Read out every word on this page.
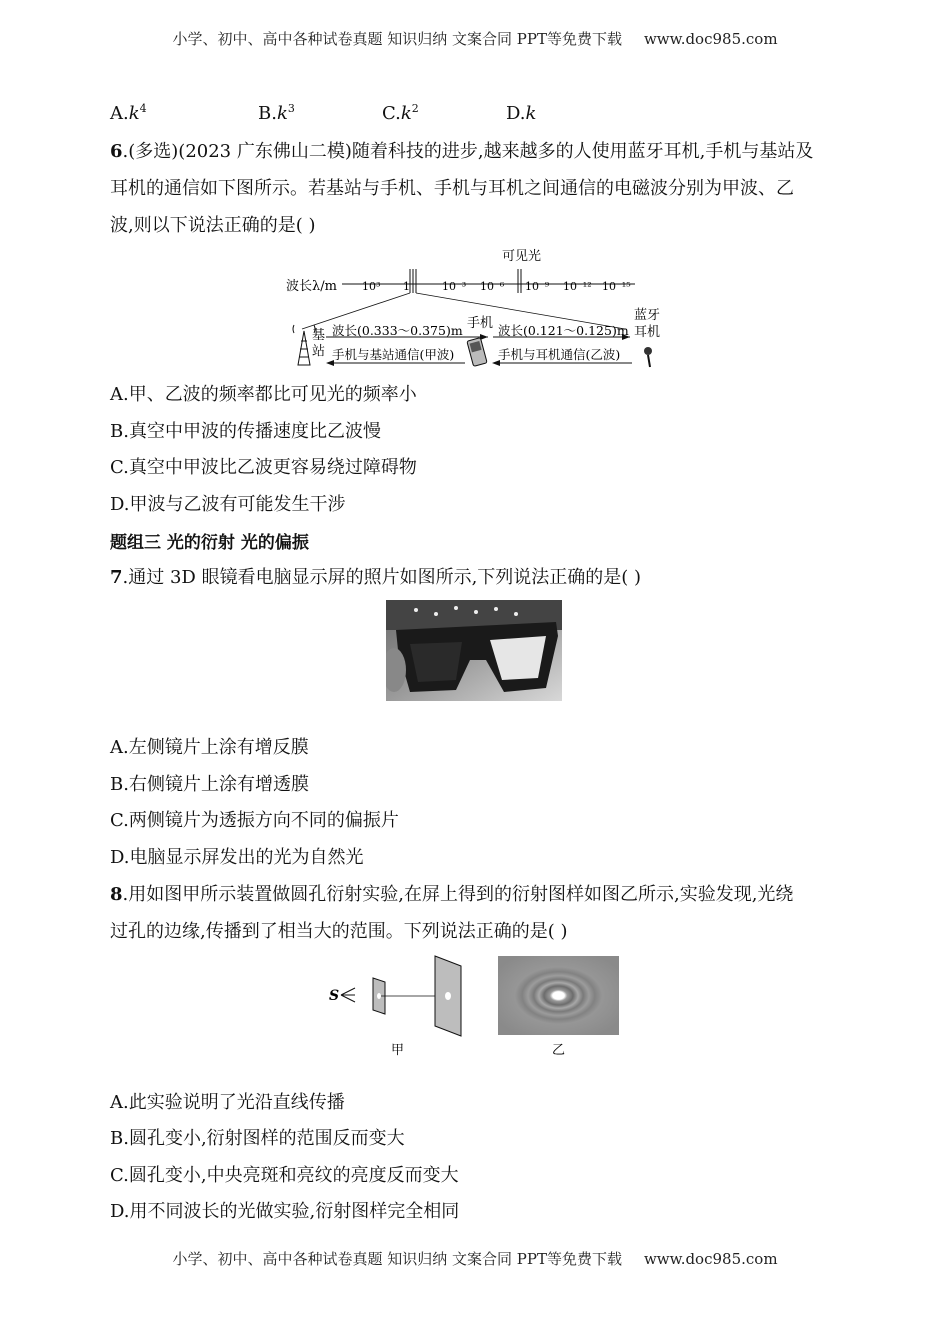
小学、初中、高中各种试卷真题 知识归纳 文案合同 PPT等免费下载 www.doc985.com
$A.k^4$	$B.k^3$	$C.k^2$	D.k
6.(多选)(2023 广东佛山二模)随着科技的进步,越来越多的人使用蓝牙耳机,手机与基站及
耳机的通信如下图所示。若基站与手机、手机与耳机之间通信的电磁波分别为甲波、乙
波,则以下说法正确的是( )
可见光
波长λ/m 10³ 1	10⁻³ 10⁻⁶ 10⁻⁹ 10⁻¹² 10⁻¹⁵
基
站
波长(0.333～0.375)m
手机与基站通信(甲波)
手机 波长(0.121～0.125)m
手机与耳机通信(乙波)
蓝牙
耳机
A.甲、乙波的频率都比可见光的频率小
B.真空中甲波的传播速度比乙波慢
C.真空中甲波比乙波更容易绕过障碍物
D.甲波与乙波有可能发生干涉
题组三 光的衍射 光的偏振
7.通过 3D 眼镜看电脑显示屏的照片如图所示,下列说法正确的是( )
A.左侧镜片上涂有增反膜
B.右侧镜片上涂有增透膜
C.两侧镜片为透振方向不同的偏振片
D.电脑显示屏发出的光为自然光
8.用如图甲所示装置做圆孔衍射实验,在屏上得到的衍射图样如图乙所示,实验发现,光绕
过孔的边缘,传播到了相当大的范围。下列说法正确的是( )
S
甲	乙
A.此实验说明了光沿直线传播
B.圆孔变小,衍射图样的范围反而变大
C.圆孔变小,中央亮斑和亮纹的亮度反而变大
D.用不同波长的光做实验,衍射图样完全相同
小学、初中、高中各种试卷真题 知识归纳 文案合同 PPT等免费下载 www.doc985.com
